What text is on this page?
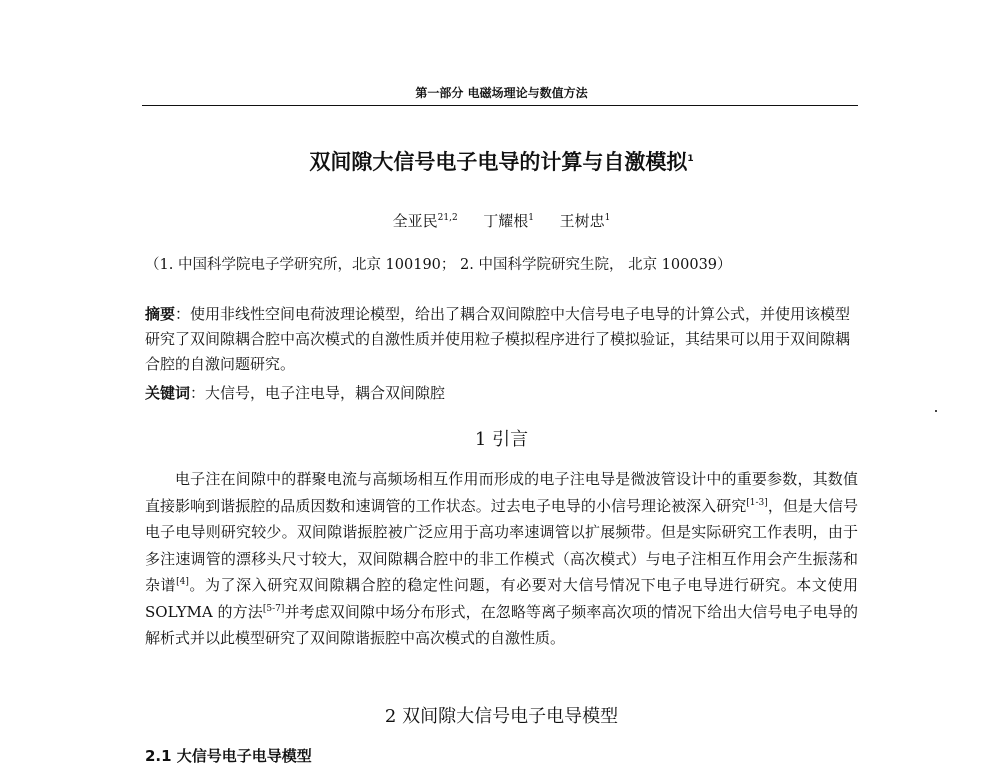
第一部分 电磁场理论与数值方法
双间隙大信号电子电导的计算与自激模拟$^1$
全亚民$^{21,2}$ 丁耀根$^1$ 王树忠$^1$
（1. 中国科学院电子学研究所，北京 100190； 2. 中国科学院研究生院， 北京 100039）
摘要：使用非线性空间电荷波理论模型，给出了耦合双间隙腔中大信号电子电导的计算公式，并使用该模型研究了双间隙耦合腔中高次模式的自激性质并使用粒子模拟程序进行了模拟验证，其结果可以用于双间隙耦合腔的自激问题研究。
关键词：大信号，电子注电导，耦合双间隙腔
1 引言
电子注在间隙中的群聚电流与高频场相互作用而形成的电子注电导是微波管设计中的重要参数，其数值直接影响到谐振腔的品质因数和速调管的工作状态。过去电子电导的小信号理论被深入研究[1-3]，但是大信号电子电导则研究较少。双间隙谐振腔被广泛应用于高功率速调管以扩展频带。但是实际研究工作表明，由于多注速调管的漂移头尺寸较大，双间隙耦合腔中的非工作模式（高次模式）与电子注相互作用会产生振荡和杂谱[4]。为了深入研究双间隙耦合腔的稳定性问题，有必要对大信号情况下电子电导进行研究。本文使用 SOLYMA 的方法[5-7]并考虑双间隙中场分布形式，在忽略等离子频率高次项的情况下给出大信号电子电导的解析式并以此模型研究了双间隙谐振腔中高次模式的自激性质。
2 双间隙大信号电子电导模型
2.1 大信号电子电导模型
